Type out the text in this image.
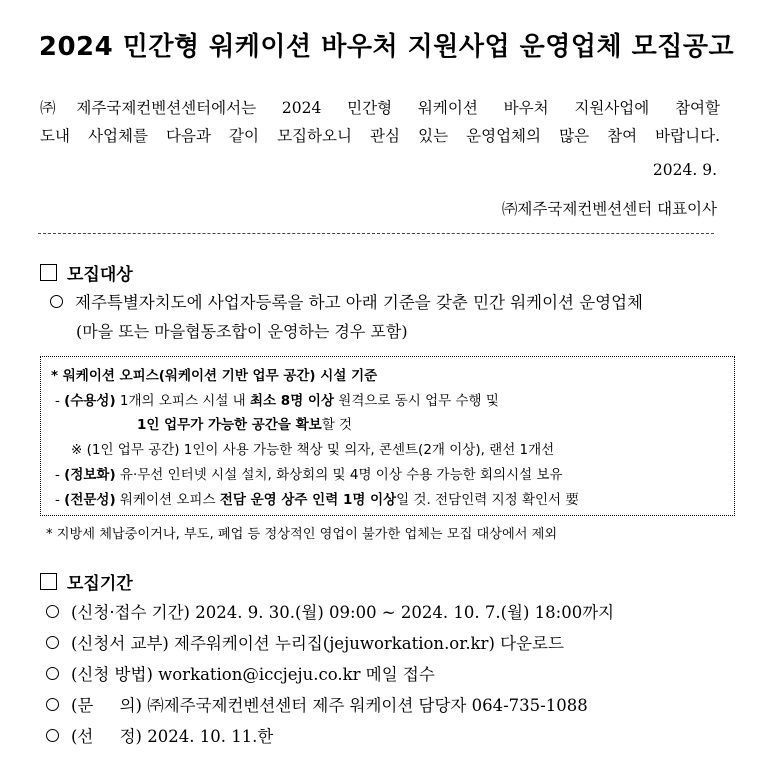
2024 민간형 워케이션 바우처 지원사업 운영업체 모집공고
㈜제주국제컨벤션센터에서는 2024 민간형 워케이션 바우처 지원사업에 참여할
도내 사업체를 다음과 같이 모집하오니 관심 있는 운영업체의 많은 참여 바랍니다.
2024. 9.
㈜제주국제컨벤션센터 대표이사
모집대상
제주특별자치도에 사업자등록을 하고 아래 기준을 갖춘 민간 워케이션 운영업체
(마을 또는 마을협동조합이 운영하는 경우 포함)
* 워케이션 오피스(워케이션 기반 업무 공간) 시설 기준
- (수용성) 1개의 오피스 시설 내 최소 8명 이상 원격으로 동시 업무 수행 및
1인 업무가 가능한 공간을 확보할 것
※ (1인 업무 공간) 1인이 사용 가능한 책상 및 의자, 콘센트(2개 이상), 랜선 1개선
- (정보화) 유·무선 인터넷 시설 설치, 화상회의 및 4명 이상 수용 가능한 회의시설 보유
- (전문성) 워케이션 오피스 전담 운영 상주 인력 1명 이상일 것. 전담인력 지정 확인서 要
* 지방세 체납중이거나, 부도, 폐업 등 정상적인 영업이 불가한 업체는 모집 대상에서 제외
모집기간
(신청·접수 기간) 2024. 9. 30.(월) 09:00 ~ 2024. 10. 7.(월) 18:00까지
(신청서 교부) 제주워케이션 누리집(jejuworkation.or.kr) 다운로드
(신청 방법) workation@iccjeju.co.kr 메일 접수
(문     의) ㈜제주국제컨벤션센터 제주 워케이션 담당자 064-735-1088
(선     정) 2024. 10. 11.한
